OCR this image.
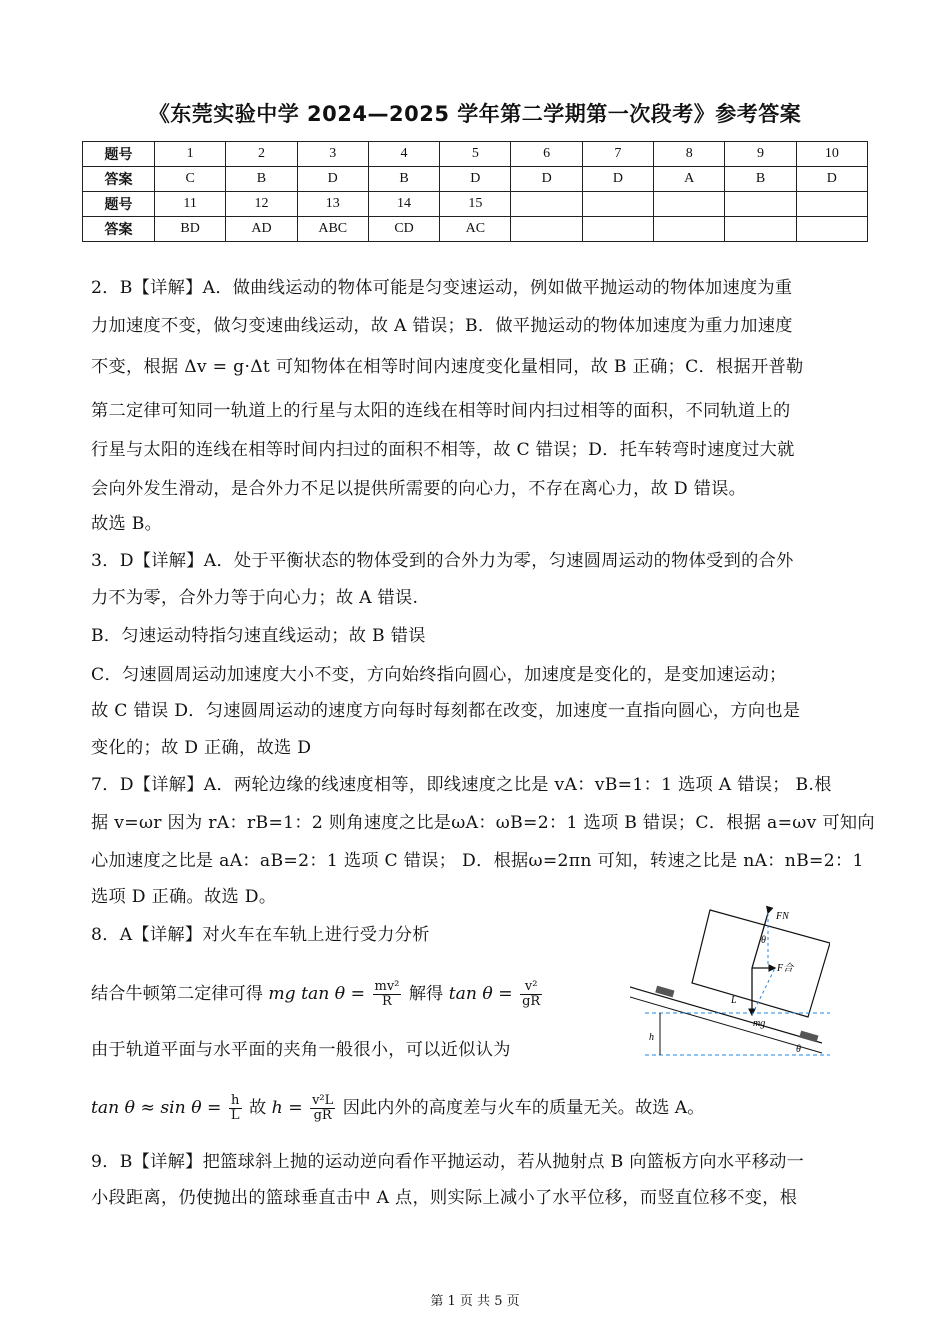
《东莞实验中学 2024—2025 学年第二学期第一次段考》参考答案
题号	1	2	3	4	5	6	7	8	9	10
答案	C	B	D	B	D	D	D	A	B	D
题号	11	12	13	14	15					
答案	BD	AD	ABC	CD	AC					
2．B【详解】A．做曲线运动的物体可能是匀变速运动，例如做平抛运动的物体加速度为重
力加速度不变，做匀变速曲线运动，故 A 错误；B．做平抛运动的物体加速度为重力加速度
不变，根据 Δv = g·Δt 可知物体在相等时间内速度变化量相同，故 B 正确；C．根据开普勒
第二定律可知同一轨道上的行星与太阳的连线在相等时间内扫过相等的面积，不同轨道上的
行星与太阳的连线在相等时间内扫过的面积不相等，故 C 错误；D．托车转弯时速度过大就
会向外发生滑动，是合外力不足以提供所需要的向心力，不存在离心力，故 D 错误。
故选 B。
3．D【详解】A．处于平衡状态的物体受到的合外力为零，匀速圆周运动的物体受到的合外
力不为零，合外力等于向心力；故 A 错误.
B．匀速运动特指匀速直线运动；故 B 错误
C．匀速圆周运动加速度大小不变，方向始终指向圆心，加速度是变化的，是变加速运动；
故 C 错误 D．匀速圆周运动的速度方向每时每刻都在改变，加速度一直指向圆心，方向也是
变化的；故 D 正确，故选 D
7．D【详解】A．两轮边缘的线速度相等，即线速度之比是 vA：vB=1：1 选项 A 错误； B.根
据 v=ωr 因为 rA：rB=1：2 则角速度之比是ωA：ωB=2：1 选项 B 错误；C．根据 a=ωv 可知向
心加速度之比是 aA：aB=2：1 选项 C 错误； D．根据ω=2πn 可知，转速之比是 nA：nB=2：1
选项 D 正确。故选 D。
8．A【详解】对火车在车轨上进行受力分析
结合牛顿第二定律可得 mg $\tan \theta = \frac{\text{mv²}}{R}$ 解得 $\tan \theta = \frac{\text{v²}}{gR}$
由于轨道平面与水平面的夹角一般很小，可以近似认为
$\tan \theta \approx \sin \theta = \frac{h}{L}$ 故 $h = \frac{\text{v²L}}{gR}$ 因此内外的高度差与火车的质量无关。故选 A。
9．B【详解】把篮球斜上抛的运动逆向看作平抛运动，若从抛射点 B 向篮板方向水平移动一
小段距离，仍使抛出的篮球垂直击中 A 点，则实际上减小了水平位移，而竖直位移不变，根
FN
θ
F合
L
mg
h
θ
第 1 页 共 5 页
